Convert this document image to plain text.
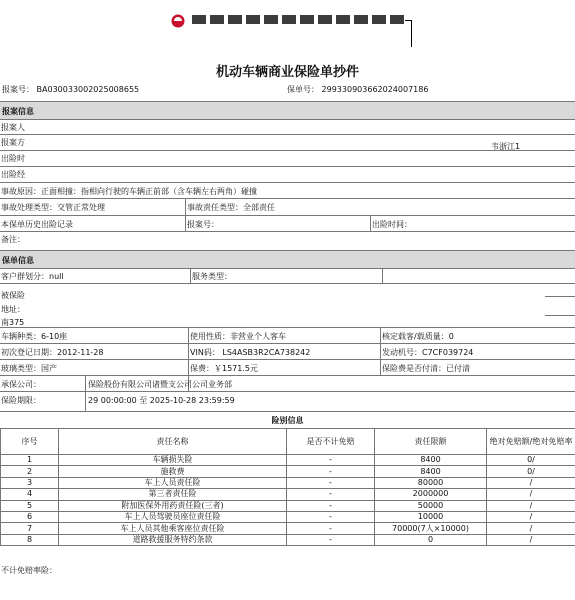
机动车辆商业保险单抄件
报案号： BA030033002025008655	保单号： 29933090366202400718​6
报案信息
报案人
报案方	韦浙江1
出险时
出险经
事故原因：正面相撞：指相向行驶的车辆正前部（含车辆左右两角）碰撞
事故处理类型：交管正常处理	事故责任类型：全部责任
本保单历史出险记录	报案号：	出险时间：
备注：
保单信息
客户群划分：null	服务类型：
被保险
地址：
南375
车辆种类：6-10座	使用性质：非营业个人客车	核定载客/载质量：0
初次登记日期：2012-11-28	VIN码： LS4ASB3R2CA738242	发动机号：C7CF039724
玻璃类型：国产	保费：￥1571.5元	保险费是否付清：已付清
承保公司：	保险股份有限公司诸暨支公司公司业务部
保险期限：	29 00:00:00 至 2025-10-28 23:59:59
险别信息
序号	责任名称	是否不计免赔	责任限额	绝对免赔额/绝对免赔率
1	车辆损失险	-	8400	0/
2	施救费	-	8400	0/
3	车上人员责任险	-	80000	/
4	第三者责任险	-	2000000	/
5	附加医保外用药责任险(三者)	-	50000	/
6	车上人员驾驶员座位责任险	-	10000	/
7	车上人员其他乘客座位责任险	-	70000(7人×10000)	/
8	道路救援服务特约条款	-	0	/
不计免赔率险：
